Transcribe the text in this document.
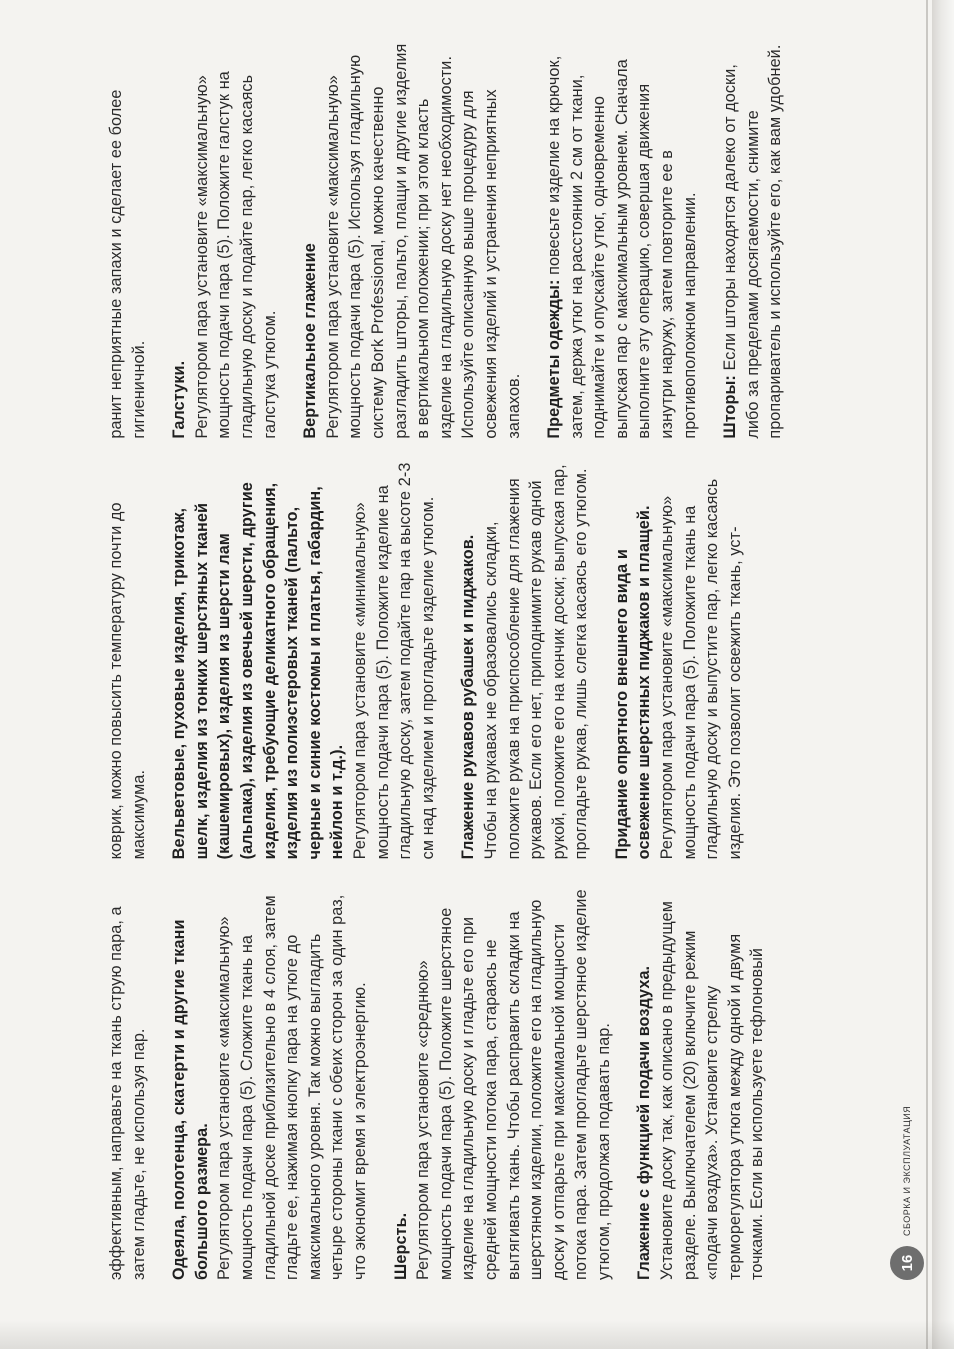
эффективным, направьте на ткань струю пара, а затем гладьте, не используя пар. Одеяла, полотенца, скатерти и другие ткани большого размера. Регулятором пара установите «максимальную» мощность подачи пара (5). Сложите ткань на гладильной доске приблизительно в 4 слоя, затем гладьте ее, нажимая кнопку пара на утюге до максимального уровня. Так можно выгладить четыре стороны ткани с обеих сторон за один раз, что экономит время и электроэнергию. Шерсть. Регулятором пара установите «среднюю» мощность подачи пара (5). Положите шерстяное изделие на гладильную доску и гладьте его при средней мощности потока пара, стараясь не вытягивать ткань. Чтобы расправить складки на шерстяном изделии, положите его на гладильную доску и отпарьте при максимальной мощности потока пара. Затем прогладьте шерстяное изделие утюгом, продолжая подавать пар. Глажение с функцией подачи воздуха. Установите доску так, как описано в предыдущем разделе. Выключателем (20) включите режим «подачи воздуха». Установите стрелку терморегулятора утюга между одной и двумя точками. Если вы используете тефлоновый
коврик, можно повысить температуру почти до максимума. Вельветовые, пуховые изделия, трикотаж, шелк, изделия из тонких шерстяных тканей (кашемировых), изделия из шерсти лам (альпака), изделия из овечьей шерсти, другие изделия, требующие деликатного обращения, изделия из полиэстеровых тканей (пальто, черные и синие костюмы и платья, габардин, нейлон и т.д.). Регулятором пара установите «минимальную» мощность подачи пара (5). Положите изделие на гладильную доску, затем подайте пар на высоте 2-3 см над изделием и прогладьте изделие утюгом. Глажение рукавов рубашек и пиджаков. Чтобы на рукавах не образовались складки, положите рукав на приспособление для глажения рукавов. Если его нет, приподнимите рукав одной рукой, положите его на кончик доски; выпуская пар, прогладьте рукав, лишь слегка касаясь его утюгом. Придание опрятного внешнего вида и освежение шерстяных пиджаков и плащей. Регулятором пара установите «максимальную» мощность подачи пара (5). Положите ткань на гладильную доску и выпустите пар, легко касаясь изделия. Это позволит освежить ткань, уст-
ранит неприятные запахи и сделает ее более гигиеничной. Галстуки. Регулятором пара установите «максимальную» мощность подачи пара (5). Положите галстук на гладильную доску и подайте пар, легко касаясь галстука утюгом. Вертикальное глажение Регулятором пара установите «максимальную» мощность подачи пара (5). Используя гладильную систему Bork Professional, можно качественно разгладить шторы, пальто, плащи и другие изделия в вертикальном положении; при этом класть изделие на гладильную доску нет необходимости. Используйте описанную выше процедуру для освежения изделий и устранения неприятных запахов. Предметы одежды: повесьте изделие на крючок, затем, держа утюг на расстоянии 2 см от ткани, поднимайте и опускайте утюг, одновременно выпуская пар с максимальным уровнем. Сначала выполните эту операцию, совершая движения изнутри наружу, затем повторите ее в противоположном направлении. Шторы: Если шторы находятся далеко от доски, либо за пределами досягаемости, снимите пропариватель и используйте его, как вам удобней.
16
СБОРКА И ЭКСПЛУАТАЦИЯ
